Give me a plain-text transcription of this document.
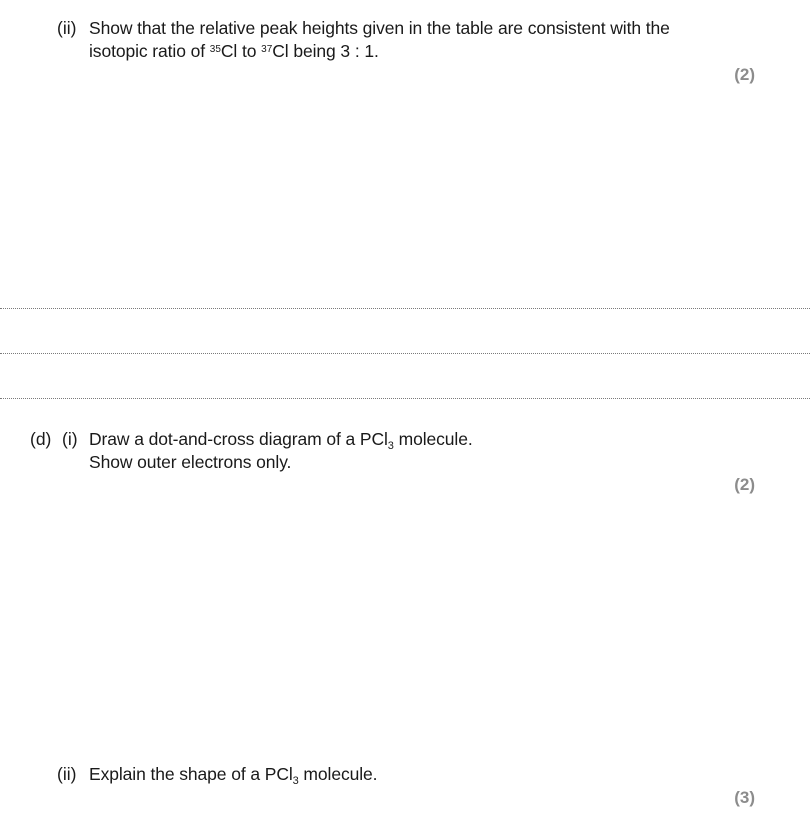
(ii) Show that the relative peak heights given in the table are consistent with the
isotopic ratio of $^{35}$Cl to $^{37}$Cl being 3 : 1.
(2)
(d) (i) Draw a dot-and-cross diagram of a PCl$_3$ molecule.
Show outer electrons only.
(2)
(ii) Explain the shape of a PCl$_3$ molecule.
(3)
